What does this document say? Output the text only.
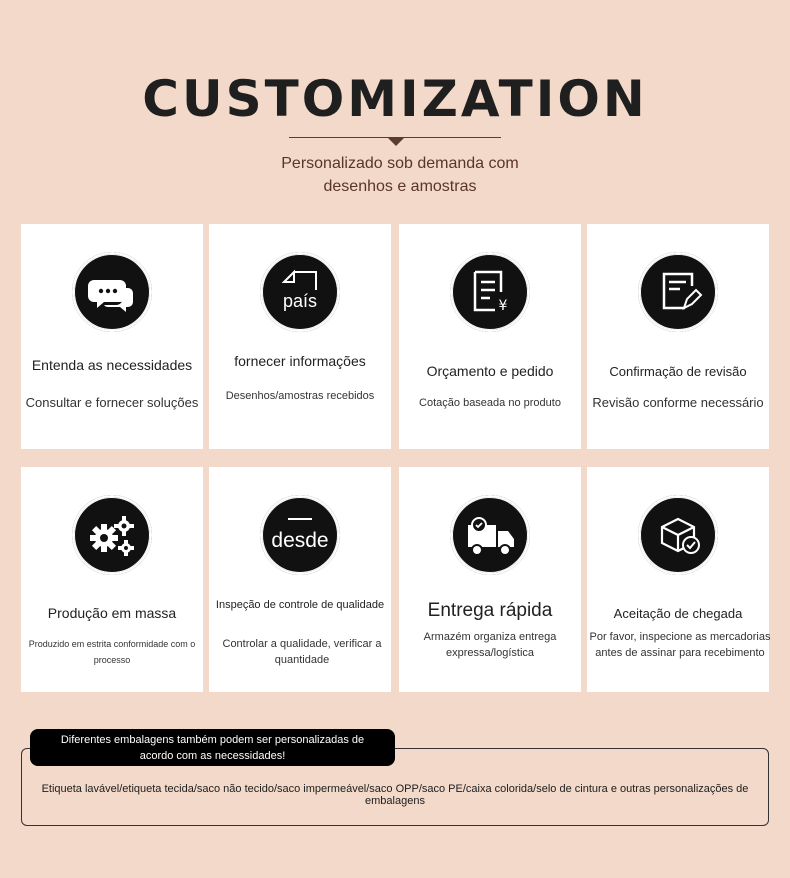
CUSTOMIZATION
Personalizado sob demanda com desenhos e amostras
Entenda as necessidades
Consultar e fornecer soluções
país
fornecer informações
Desenhos/amostras recebidos
¥
Orçamento e pedido
Cotação baseada no produto
Confirmação de revisão
Revisão conforme necessário
Produção em massa
Produzido em estrita conformidade com o processo
desde
Inspeção de controle de qualidade
Controlar a qualidade, verificar a quantidade
Entrega rápida
Armazém organiza entrega expressa/logística
Aceitação de chegada
Por favor, inspecione as mercadorias antes de assinar para recebimento
Diferentes embalagens também podem ser personalizadas de acordo com as necessidades!
Etiqueta lavável/etiqueta tecida/saco não tecido/saco impermeável/saco OPP/saco PE/caixa colorida/selo de cintura e outras personalizações de embalagens
